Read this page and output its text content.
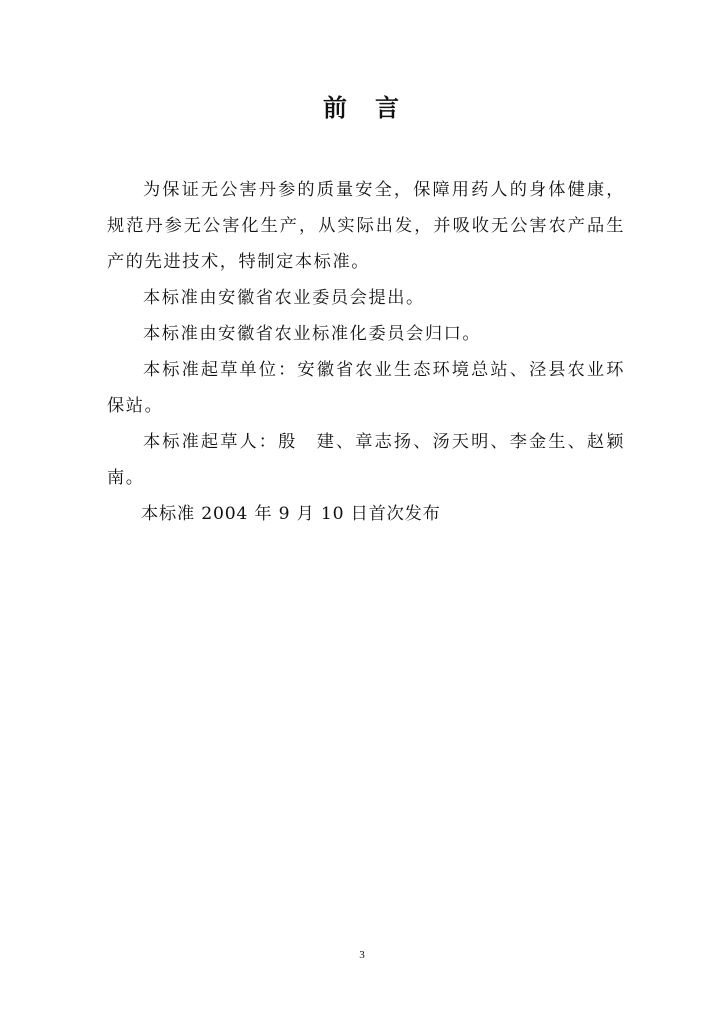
前　言

为保证无公害丹参的质量安全，保障用药人的身体健康，规范丹参无公害化生产，从实际出发，并吸收无公害农产品生产的先进技术，特制定本标准。

本标准由安徽省农业委员会提出。

本标准由安徽省农业标准化委员会归口。

本标准起草单位：安徽省农业生态环境总站、泾县农业环保站。

本标准起草人：殷　建、章志扬、汤天明、李金生、赵颖南。

本标准 2004 年 9 月 10 日首次发布

3
